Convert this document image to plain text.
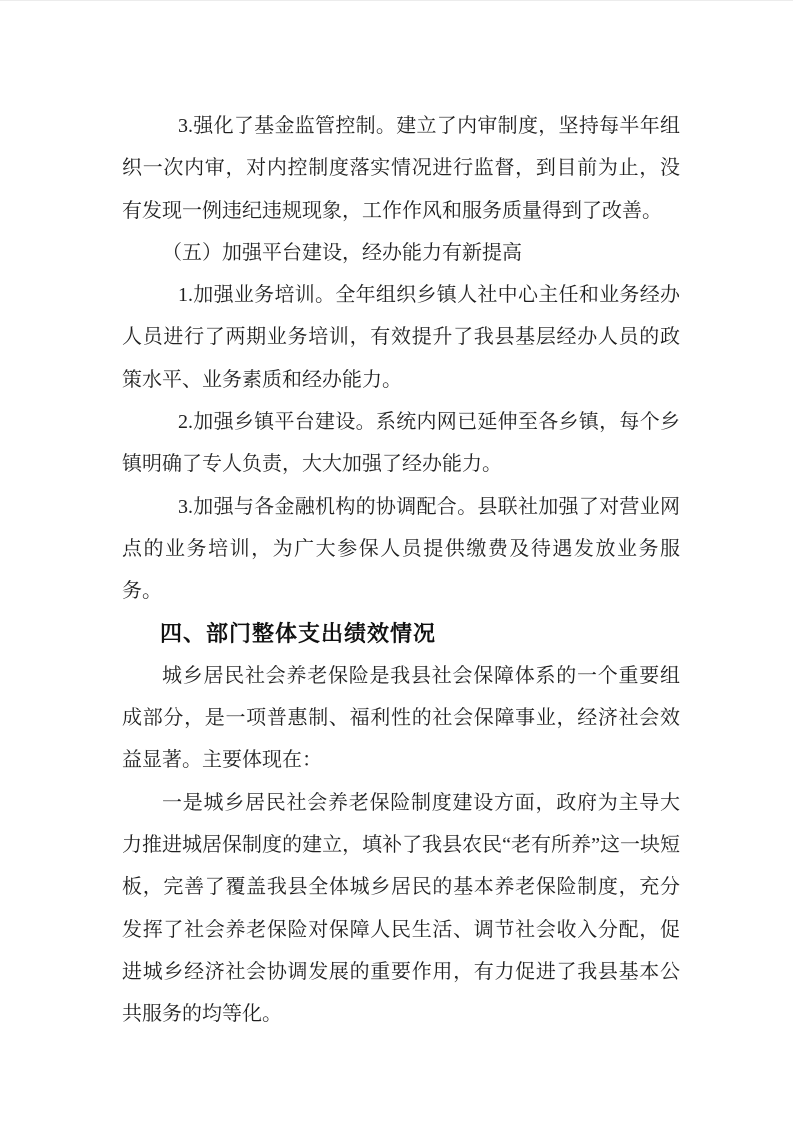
3.强化了基金监管控制。建立了内审制度，坚持每半年组织一次内审，对内控制度落实情况进行监督，到目前为止，没有发现一例违纪违规现象，工作作风和服务质量得到了改善。

（五）加强平台建设，经办能力有新提高

1.加强业务培训。全年组织乡镇人社中心主任和业务经办人员进行了两期业务培训，有效提升了我县基层经办人员的政策水平、业务素质和经办能力。

2.加强乡镇平台建设。系统内网已延伸至各乡镇，每个乡镇明确了专人负责，大大加强了经办能力。

3.加强与各金融机构的协调配合。县联社加强了对营业网点的业务培训，为广大参保人员提供缴费及待遇发放业务服务。

四、部门整体支出绩效情况

城乡居民社会养老保险是我县社会保障体系的一个重要组成部分，是一项普惠制、福利性的社会保障事业，经济社会效益显著。主要体现在：

一是城乡居民社会养老保险制度建设方面，政府为主导大力推进城居保制度的建立，填补了我县农民“老有所养”这一块短板，完善了覆盖我县全体城乡居民的基本养老保险制度，充分发挥了社会养老保险对保障人民生活、调节社会收入分配，促进城乡经济社会协调发展的重要作用，有力促进了我县基本公共服务的均等化。
